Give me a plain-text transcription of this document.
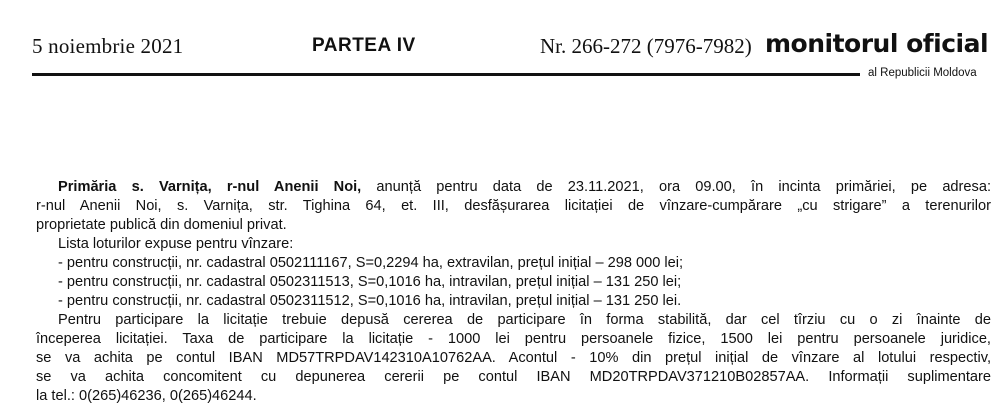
5 noiembrie 2021	PARTEA IV	Nr. 266-272 (7976-7982) monitorul oficial
al Republicii Moldova
Primăria s. Varnița, r-nul Anenii Noi, anunță pentru data de 23.11.2021, ora 09.00, în incinta primăriei, pe adresa:
r-nul Anenii Noi, s. Varnița, str. Tighina 64, et. III, desfășurarea licitației de vînzare-cumpărare „cu strigare” a terenurilor
proprietate publică din domeniul privat.
Lista loturilor expuse pentru vînzare:
- pentru construcții, nr. cadastral 0502111167, S=0,2294 ha, extravilan, prețul inițial – 298 000 lei;
- pentru construcții, nr. cadastral 0502311513, S=0,1016 ha, intravilan, prețul inițial – 131 250 lei;
- pentru construcții, nr. cadastral 0502311512, S=0,1016 ha, intravilan, prețul inițial – 131 250 lei.
Pentru participare la licitație trebuie depusă cererea de participare în forma stabilită, dar cel tîrziu cu o zi înainte de
începerea licitației. Taxa de participare la licitație - 1000 lei pentru persoanele fizice, 1500 lei pentru persoanele juridice,
se va achita pe contul IBAN MD57TRPDAV142310A10762AA. Acontul - 10% din prețul inițial de vînzare al lotului respectiv,
se va achita concomitent cu depunerea cererii pe contul IBAN MD20TRPDAV371210B02857AA. Informații suplimentare
la tel.: 0(265)46236, 0(265)46244.
